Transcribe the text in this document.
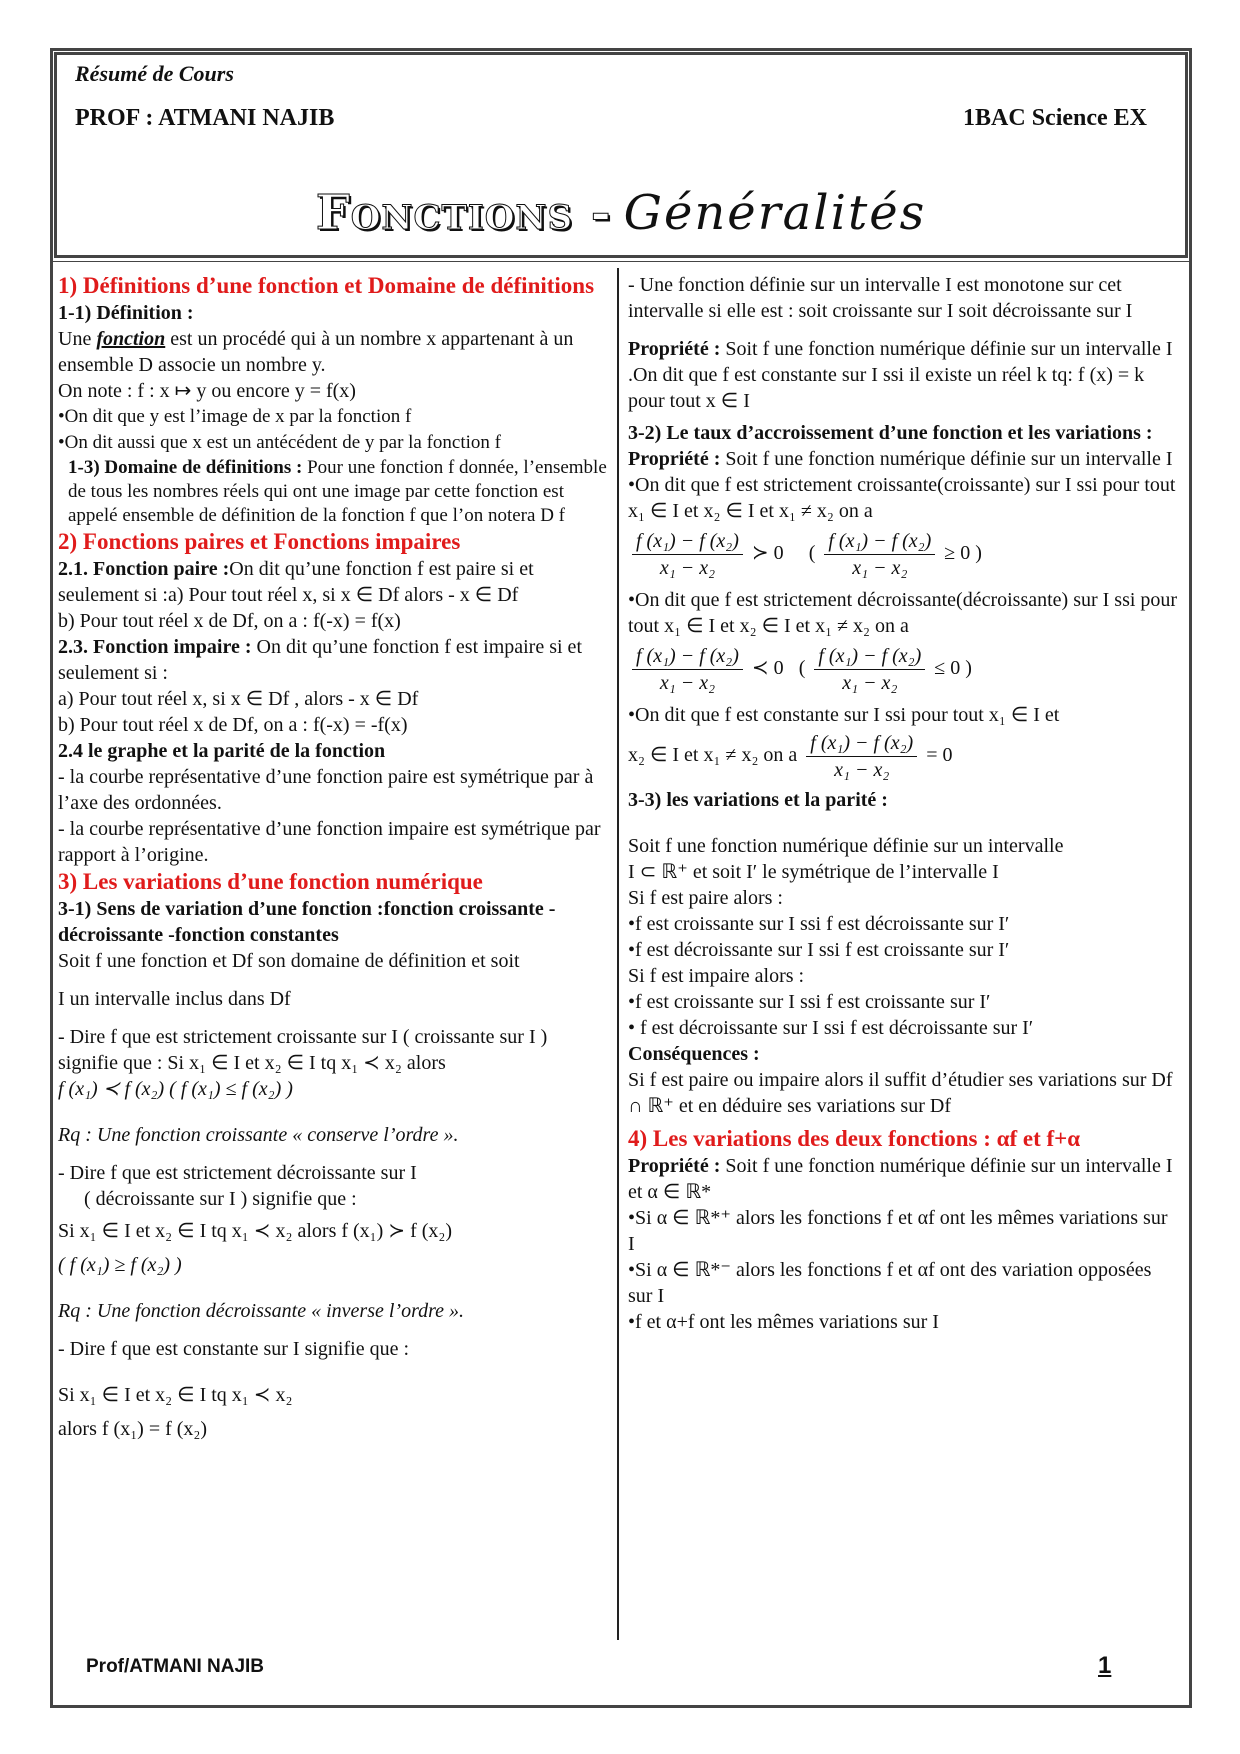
Résumé de Cours
PROF : ATMANI NAJIB	1BAC Science EX
Fonctions - Généralités
1) Définitions d’une fonction et Domaine de définitions
1-1) Définition :

Une fonction est un procédé qui à un nombre x appartenant à un ensemble D associe un nombre y.

On note : f : x ↦ y ou encore y = f(x)

• On dit que y est l’image de x par la fonction f

• On dit aussi que x est un antécédent de y par la fonction f

1-3) Domaine de définitions : Pour une fonction f donnée, l’ensemble de tous les nombres réels qui ont une image par cette fonction est appelé ensemble de définition de la fonction f que l’on notera D f

2) Fonctions paires et Fonctions impaires

2.1. Fonction paire :On dit qu’une fonction f est paire si et seulement si :a) Pour tout réel x, si x ∈ Df alors - x ∈ Df

b) Pour tout réel x de Df, on a : f(-x) = f(x)

2.3. Fonction impaire : On dit qu’une fonction f est impaire si et seulement si :

a) Pour tout réel x, si x ∈ Df , alors - x ∈ Df

b) Pour tout réel x de Df, on a : f(-x) = -f(x)

2.4 le graphe et la parité de la fonction

- la courbe représentative d’une fonction paire est symétrique par à l’axe des ordonnées.

- la courbe représentative d’une fonction impaire est symétrique par rapport à l’origine.

3) Les variations d’une fonction numérique
3-1) Sens de variation d’une fonction :fonction croissante -décroissante -fonction constantes

Soit f une fonction et Df son domaine de définition et soit

I un intervalle inclus dans Df

- Dire f que est strictement croissante sur I ( croissante sur I ) signifie que : Si x₁ ∈ I et x₂ ∈ I tq x₁ ≺ x₂ alors

f (x₁) ≺ f (x₂) ( f (x₁) ≤ f (x₂) )

Rq : Une fonction croissante « conserve l’ordre ».

- Dire f que est strictement décroissante sur I

( décroissante sur I ) signifie que :

Si x₁ ∈ I et x₂ ∈ I tq x₁ ≺ x₂ alors f (x₁) ≻ f (x₂)

( f (x₁) ≥ f (x₂) )

Rq : Une fonction décroissante « inverse l’ordre ».

- Dire f que est constante sur I signifie que :

Si x₁ ∈ I et x₂ ∈ I tq x₁ ≺ x₂

alors f (x₁) = f (x₂)

- Une fonction définie sur un intervalle I est monotone sur cet intervalle si elle est : soit croissante sur I soit décroissante sur I

Propriété : Soit f une fonction numérique définie sur un intervalle I .On dit que f est constante sur I ssi il existe un réel k tq: f (x) = k pour tout x ∈ I

3-2) Le taux d’accroissement d’une fonction et les variations :

Propriété : Soit f une fonction numérique définie sur un intervalle I

• On dit que f est strictement croissante(croissante) sur I ssi pour tout x₁ ∈ I et x₂ ∈ I et x₁ ≠ x₂ on a

$\frac{\text{f (x₁) − f (x₂)}}{\text{x₁ − x₂}}$ ≻ 0     ( $\frac{\text{f (x₁) − f (x₂)}}{\text{x₁ − x₂}} \ge 0$ )

• On dit que f est strictement décroissante(décroissante) sur I ssi pour tout x₁ ∈ I et x₂ ∈ I et x₁ ≠ x₂ on a

$\frac{\text{f (x₁) − f (x₂)}}{\text{x₁ − x₂}}$ ≺ 0   ( $\frac{\text{f (x₁) − f (x₂)}}{\text{x₁ − x₂}} \le 0$ )

• On dit que f est constante sur I ssi pour tout x₁ ∈ I et

x₂ ∈ I et x₁ ≠ x₂ on a $\frac{\text{f (x₁) − f (x₂)}}{\text{x₁ − x₂}} = 0$
3-3) les variations et la parité :

Soit f une fonction numérique définie sur un intervalle

I ⊂ ℝ⁺ et soit I′ le symétrique de l’intervalle I

Si f est paire alors :

• f est croissante sur I ssi f est décroissante sur I′

• f est décroissante sur I ssi f est croissante sur I′

Si f est impaire alors :

• f est croissante sur I ssi f est croissante sur I′

• f est décroissante sur I ssi f est décroissante sur I′

Conséquences :

Si f est paire ou impaire alors il suffit d’étudier ses variations sur Df ∩ ℝ⁺ et en déduire ses variations sur Df

4) Les variations des deux fonctions : αf et f+α

Propriété : Soit f une fonction numérique définie sur un intervalle I et α ∈ ℝ*

• Si α ∈ ℝ*⁺ alors les fonctions f et αf ont les mêmes variations sur I

• Si α ∈ ℝ*⁻ alors les fonctions f et αf ont des variation opposées sur I

• f et α+f ont les mêmes variations sur I

Prof/ATMANI NAJIB	1
